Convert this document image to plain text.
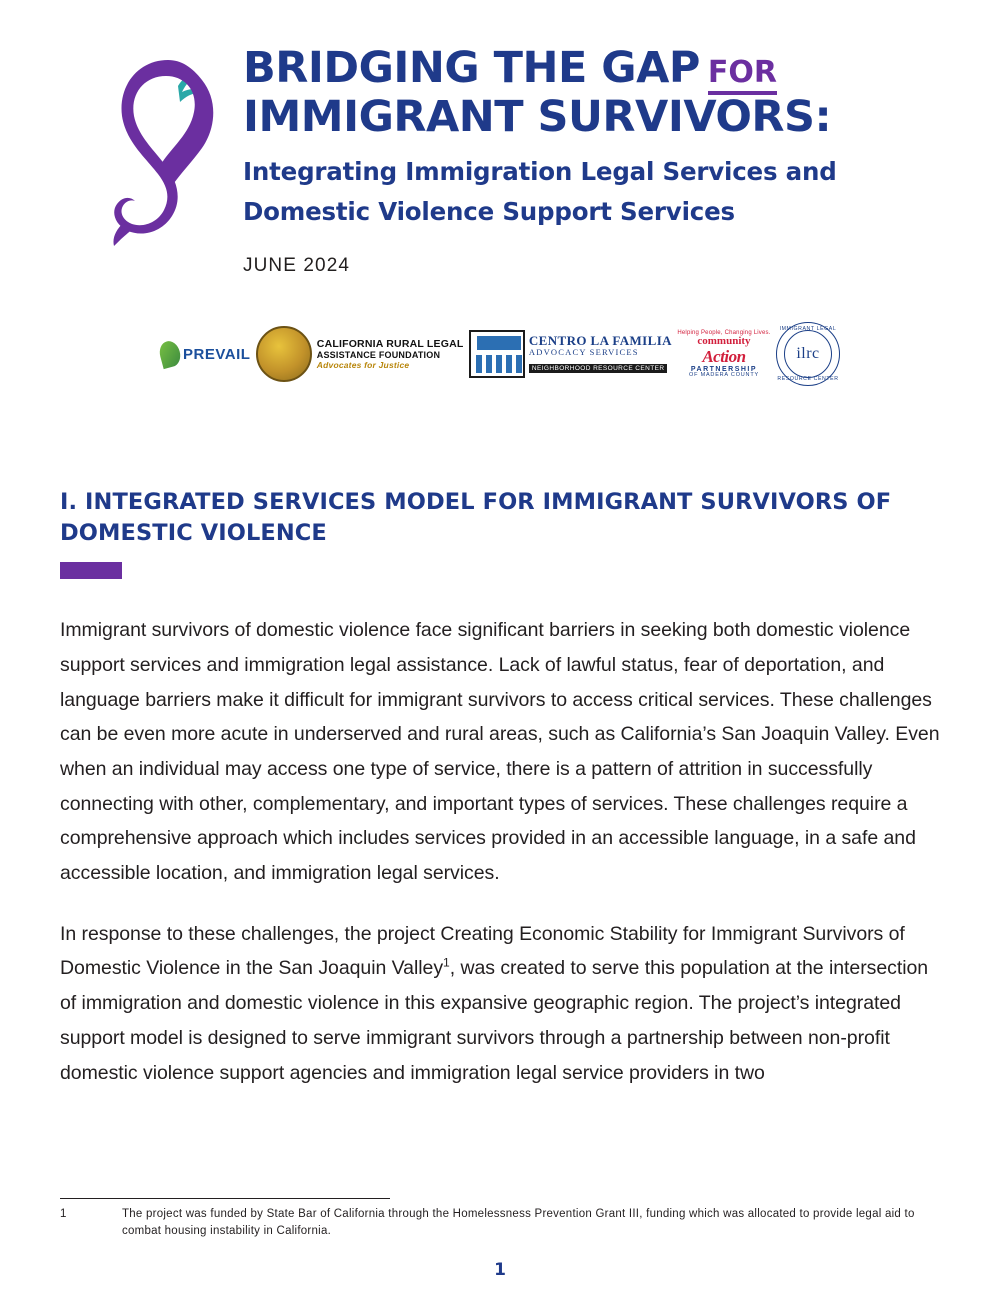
BRIDGING THE GAP FOR
IMMIGRANT SURVIVORS:
Integrating Immigration Legal Services and Domestic Violence Support Services
JUNE 2024
PREVAIL
CALIFORNIA RURAL LEGAL
ASSISTANCE FOUNDATION
Advocates for Justice
CENTRO LA FAMILIA
ADVOCACY SERVICES
NEIGHBORHOOD RESOURCE CENTER
Helping People, Changing Lives.
community
Action
PARTNERSHIP
OF MADERA COUNTY
IMMIGRANT LEGAL
ilrc
RESOURCE CENTER
I. INTEGRATED SERVICES MODEL FOR IMMIGRANT SURVIVORS OF DOMESTIC VIOLENCE

Immigrant survivors of domestic violence face significant barriers in seeking both domestic violence support services and immigration legal assistance. Lack of lawful status, fear of deportation, and language barriers make it difficult for immigrant survivors to access critical services. These challenges can be even more acute in underserved and rural areas, such as California’s San Joaquin Valley. Even when an individual may access one type of service, there is a pattern of attrition in successfully connecting with other, complementary, and important types of services. These challenges require a comprehensive approach which includes services provided in an accessible language, in a safe and accessible location, and immigration legal services.

In response to these challenges, the project Creating Economic Stability for Immigrant Survivors of Domestic Violence in the San Joaquin Valley$^1$, was created to serve this population at the intersection of immigration and domestic violence in this expansive geographic region. The project’s integrated support model is designed to serve immigrant survivors through a partnership between non-profit domestic violence support agencies and immigration legal service providers in two

1	The project was funded by State Bar of California through the Homelessness Prevention Grant III, funding which was allocated to provide legal aid to combat housing instability in California.
1
